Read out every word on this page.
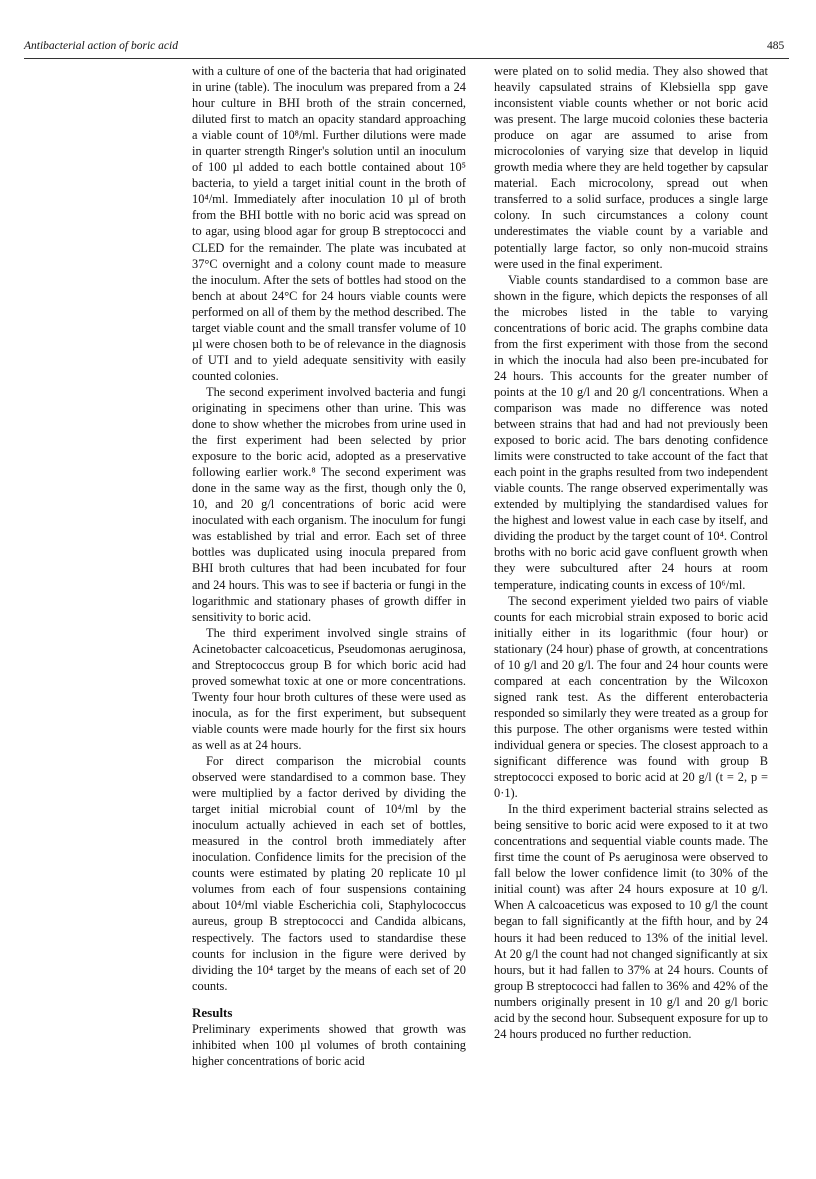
Antibacterial action of boric acid	485

with a culture of one of the bacteria that had originated in urine (table). The inoculum was prepared from a 24 hour culture in BHI broth of the strain concerned, diluted first to match an opacity standard approaching a viable count of 10⁸/ml. Further dilutions were made in quarter strength Ringer's solution until an inoculum of 100 µl added to each bottle contained about 10⁵ bacteria, to yield a target initial count in the broth of 10⁴/ml. Immediately after inoculation 10 µl of broth from the BHI bottle with no boric acid was spread on to agar, using blood agar for group B streptococci and CLED for the remainder. The plate was incubated at 37°C overnight and a colony count made to measure the inoculum. After the sets of bottles had stood on the bench at about 24°C for 24 hours viable counts were performed on all of them by the method described. The target viable count and the small transfer volume of 10 µl were chosen both to be of relevance in the diagnosis of UTI and to yield adequate sensitivity with easily counted colonies.

The second experiment involved bacteria and fungi originating in specimens other than urine. This was done to show whether the microbes from urine used in the first experiment had been selected by prior exposure to the boric acid, adopted as a preservative following earlier work.⁸ The second experiment was done in the same way as the first, though only the 0, 10, and 20 g/l concentrations of boric acid were inoculated with each organism. The inoculum for fungi was established by trial and error. Each set of three bottles was duplicated using inocula prepared from BHI broth cultures that had been incubated for four and 24 hours. This was to see if bacteria or fungi in the logarithmic and stationary phases of growth differ in sensitivity to boric acid.

The third experiment involved single strains of Acinetobacter calcoaceticus, Pseudomonas aeruginosa, and Streptococcus group B for which boric acid had proved somewhat toxic at one or more concentrations. Twenty four hour broth cultures of these were used as inocula, as for the first experiment, but subsequent viable counts were made hourly for the first six hours as well as at 24 hours.

For direct comparison the microbial counts observed were standardised to a common base. They were multiplied by a factor derived by dividing the target initial microbial count of 10⁴/ml by the inoculum actually achieved in each set of bottles, measured in the control broth immediately after inoculation. Confidence limits for the precision of the counts were estimated by plating 20 replicate 10 µl volumes from each of four suspensions containing about 10⁴/ml viable Escherichia coli, Staphylococcus aureus, group B streptococci and Candida albicans, respectively. The factors used to standardise these counts for inclusion in the figure were derived by dividing the 10⁴ target by the means of each set of 20 counts.

Results

Preliminary experiments showed that growth was inhibited when 100 µl volumes of broth containing higher concentrations of boric acid

were plated on to solid media. They also showed that heavily capsulated strains of Klebsiella spp gave inconsistent viable counts whether or not boric acid was present. The large mucoid colonies these bacteria produce on agar are assumed to arise from microcolonies of varying size that develop in liquid growth media where they are held together by capsular material. Each microcolony, spread out when transferred to a solid surface, produces a single large colony. In such circumstances a colony count underestimates the viable count by a variable and potentially large factor, so only non-mucoid strains were used in the final experiment.

Viable counts standardised to a common base are shown in the figure, which depicts the responses of all the microbes listed in the table to varying concentrations of boric acid. The graphs combine data from the first experiment with those from the second in which the inocula had also been pre-incubated for 24 hours. This accounts for the greater number of points at the 10 g/l and 20 g/l concentrations. When a comparison was made no difference was noted between strains that had and had not previously been exposed to boric acid. The bars denoting confidence limits were constructed to take account of the fact that each point in the graphs resulted from two independent viable counts. The range observed experimentally was extended by multiplying the standardised values for the highest and lowest value in each case by itself, and dividing the product by the target count of 10⁴. Control broths with no boric acid gave confluent growth when they were subcultured after 24 hours at room temperature, indicating counts in excess of 10⁶/ml.

The second experiment yielded two pairs of viable counts for each microbial strain exposed to boric acid initially either in its logarithmic (four hour) or stationary (24 hour) phase of growth, at concentrations of 10 g/l and 20 g/l. The four and 24 hour counts were compared at each concentration by the Wilcoxon signed rank test. As the different enterobacteria responded so similarly they were treated as a group for this purpose. The other organisms were tested within individual genera or species. The closest approach to a significant difference was found with group B streptococci exposed to boric acid at 20 g/l (t = 2, p = 0·1).

In the third experiment bacterial strains selected as being sensitive to boric acid were exposed to it at two concentrations and sequential viable counts made. The first time the count of Ps aeruginosa were observed to fall below the lower confidence limit (to 30% of the initial count) was after 24 hours exposure at 10 g/l. When A calcoaceticus was exposed to 10 g/l the count began to fall significantly at the fifth hour, and by 24 hours it had been reduced to 13% of the initial level. At 20 g/l the count had not changed significantly at six hours, but it had fallen to 37% at 24 hours. Counts of group B streptococci had fallen to 36% and 42% of the numbers originally present in 10 g/l and 20 g/l boric acid by the second hour. Subsequent exposure for up to 24 hours produced no further reduction.
